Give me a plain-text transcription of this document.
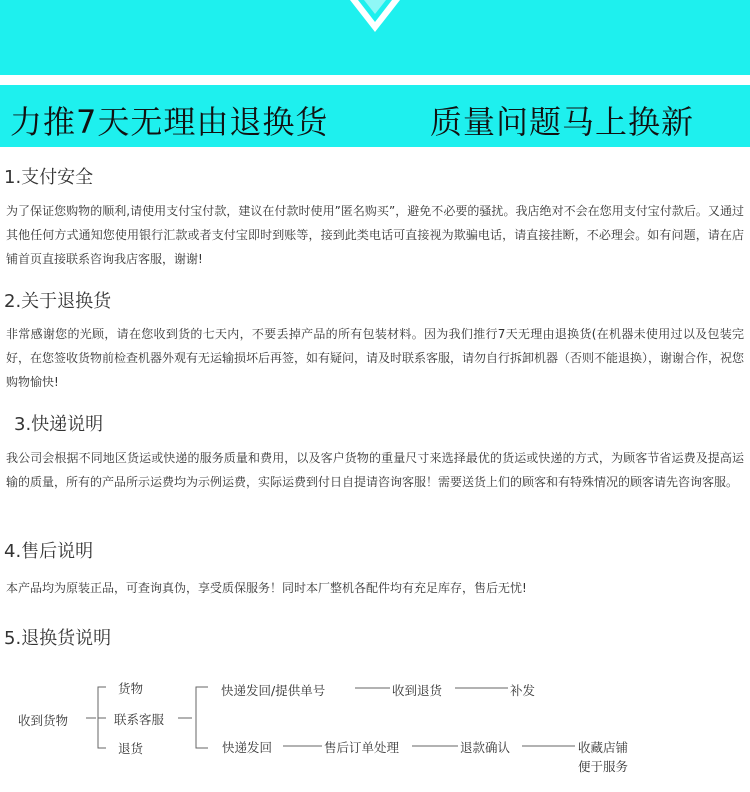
力推7天无理由退换货	质量问题马上换新
1.支付安全
为了保证您购物的顺利,请使用支付宝付款，建议在付款时使用”匿名购买”，避免不必要的骚扰。我店绝对不会在您用支付宝付款后。又通过其他任何方式通知您使用银行汇款或者支付宝即时到账等，接到此类电话可直接视为欺骗电话，请直接挂断，不必理会。如有问题，请在店铺首页直接联系咨询我店客服，谢谢!
2.关于退换货
非常感谢您的光顾，请在您收到货的七天内，不要丢掉产品的所有包装材料。因为我们推行7天无理由退换货(在机器未使用过以及包装完好，在您签收货物前检查机器外观有无运输损坏后再签，如有疑问，请及时联系客服，请勿自行拆卸机器（否则不能退换），谢谢合作，祝您购物愉快!
3.快递说明
我公司会根据不同地区货运或快递的服务质量和费用，以及客户货物的重量尺寸来选择最优的货运或快递的方式，为顾客节省运费及提高运输的质量，所有的产品所示运费均为示例运费，实际运费到付日自提请咨询客服！需要送货上们的顾客和有特殊情况的顾客请先咨询客服。
4.售后说明
本产品均为原装正品，可查询真伪，享受质保服务！同时本厂整机各配件均有充足库存，售后无忧!
5.退换货说明
收到货物
货物
联系客服
退货
快递发回/提供单号	收到退货	补发
快递发回	售后订单处理	退款确认	收藏店铺
便于服务
